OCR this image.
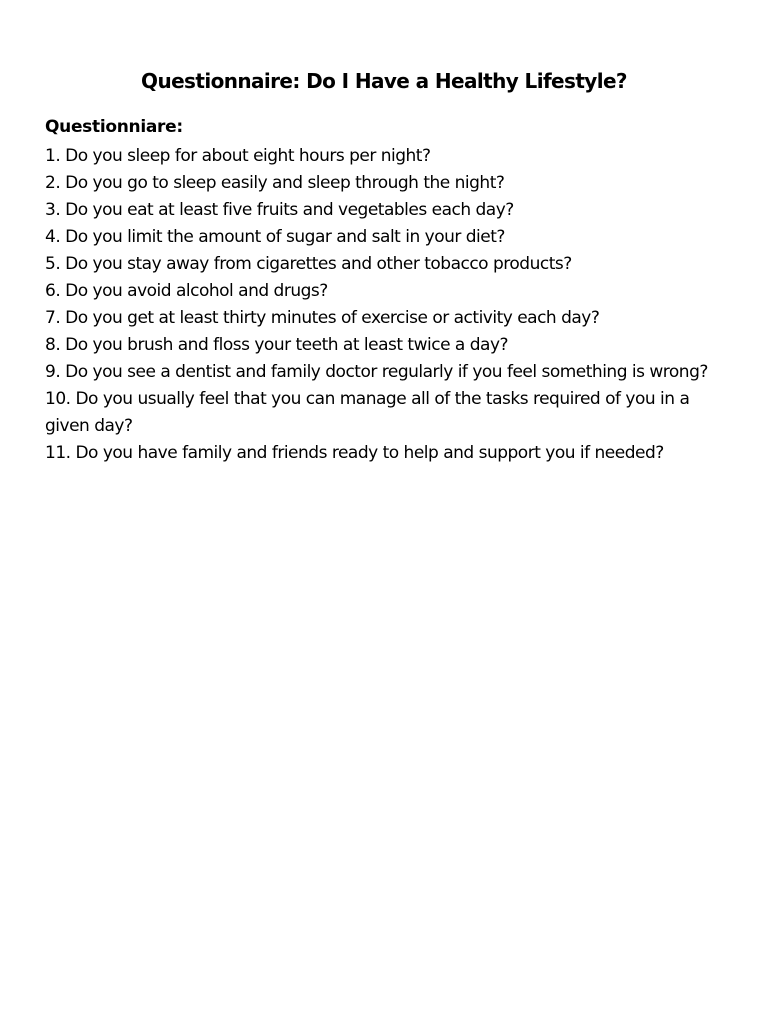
Questionnaire: Do I Have a Healthy Lifestyle?
Questionniare:
1. Do you sleep for about eight hours per night?
2. Do you go to sleep easily and sleep through the night?
3. Do you eat at least five fruits and vegetables each day?
4. Do you limit the amount of sugar and salt in your diet?
5. Do you stay away from cigarettes and other tobacco products?
6. Do you avoid alcohol and drugs?
7. Do you get at least thirty minutes of exercise or activity each day?
8. Do you brush and floss your teeth at least twice a day?
9. Do you see a dentist and family doctor regularly if you feel something is wrong?
10. Do you usually feel that you can manage all of the tasks required of you in a given day?
11. Do you have family and friends ready to help and support you if needed?
